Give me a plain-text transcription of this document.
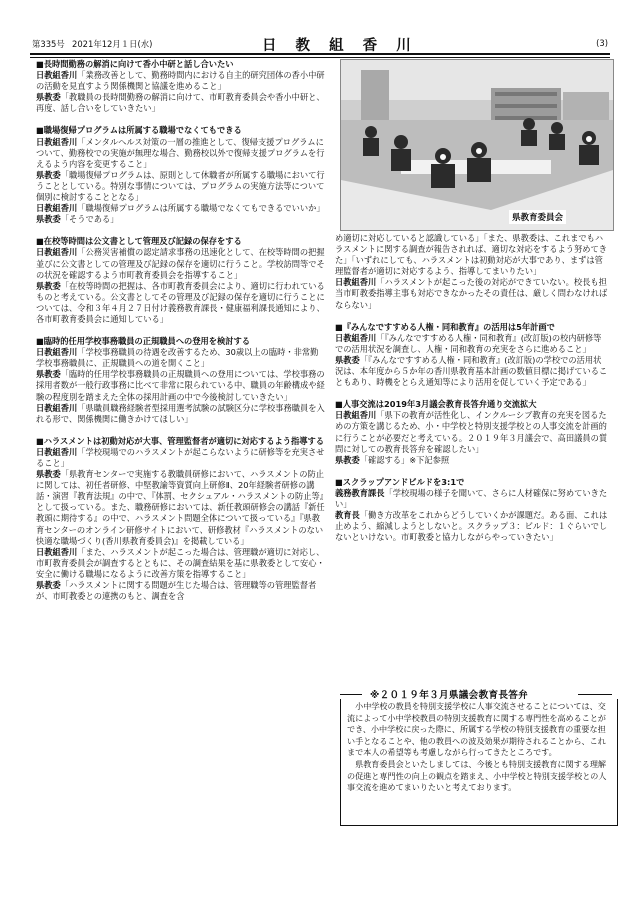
第335号 2021年12月１日(水)	日 教 組 香 川	(3)

■長時間勤務の解消に向けて香小中研と話し合いたい

日教組香川「業務改善として、勤務時間内における自主的研究団体の香小中研の活動を見直すよう関係機関と協議を進めること」

県教委「教職員の長時間勤務の解消に向けて、市町教育委員会や香小中研と、再度、話し合いをしていきたい」

■職場復帰プログラムは所属する職場でなくてもできる

日教組香川「メンタルヘルス対策の一層の推進として、復帰支援プログラムについて、勤務校での実施が無理な場合、勤務校以外で復帰支援プログラムを行えるよう内容を変更すること」

県教委「職場復帰プログラムは、原則として休職者が所属する職場において行うこととしている。特別な事情については、プログラムの実施方法等について個別に検討することとなる」

日教組香川「職場復帰プログラムは所属する職場でなくてもできるでいいか」

県教委「そうである」

■在校等時間は公文書として管理及び記録の保存をする

日教組香川「公務災害補償の認定請求事務の迅速化として、在校等時間の把握並びに公文書としての管理及び記録の保存を適切に行うこと。学校訪問等でその状況を確認するよう市町教育委員会を指導すること」

県教委「在校等時間の把握は、各市町教育委員会により、適切に行われているものと考えている。公文書としてその管理及び記録の保存を適切に行うことについては、令和３年４月２７日付け義務教育課長・健康福利課長通知により、各市町教育委員会に通知している」

■臨時的任用学校事務職員の正規職員への登用を検討する

日教組香川「学校事務職員の待遇を改善するため、30歳以上の臨時・非常勤学校事務職員に、正規職員への道を開くこと」

県教委「臨時的任用学校事務職員の正規職員への登用については、学校事務の採用者数が一般行政事務に比べて非常に限られている中、職員の年齢構成や経験の程度別を踏まえた全体の採用計画の中で今後検討していきたい」

日教組香川「県職員職務経験者型採用選考試験の試験区分に学校事務職員を入れる形で、関係機関に働きかけてほしい」

■ハラスメントは初動対応が大事、管理監督者が適切に対応するよう指導する

日教組香川「学校現場でのハラスメントが起こらないように研修等を充実させること」

県教委「県教育センターで実施する教職員研修において、ハラスメントの防止に関しては、初任者研修、中堅教諭等資質向上研修Ⅱ、20年経験者研修の講話・演習『教育法規』の中で、『体罰、セクシュアル・ハラスメントの防止等』として扱っている。また、職務研修においては、新任教頭研修会の講話『新任教頭に期待する』の中で、ハラスメント問題全体について扱っている』『県教育センターのオンライン研修サイトにおいて、研修教材『ハラスメントのない快適な職場づくり(香川県教育委員会)』を掲載している」

日教組香川「また、ハラスメントが起こった場合は、管理職が適切に対応し、市町教育委員会が調査するとともに、その調査結果を基に県教委として安心・安全に働ける職場になるように改善方策を指導すること」

県教委「ハラスメントに関する問題が生じた場合は、管理職等の管理監督者が、市町教委との連携のもと、調査を含

県教育委員会

め適切に対応していると認識している」「また、県教委は、これまでもハラスメントに関する調査が報告されれば、適切な対応をするよう努めてきた」「いずれにしても、ハラスメントは初動対応が大事であり、まずは管理監督者が適切に対応するよう、指導してまいりたい」

日教組香川「ハラスメントが起こった後の対応ができていない。校長も担当市町教委指導主事も対応できなかったその責任は、厳しく問わなければならない」

■『みんなですすめる人権・同和教育』の活用は5年計画で

日教組香川「『みんなですすめる人権・同和教育』(改訂版)の校内研修等での活用状況を調査し、人権・同和教育の充実をさらに進めること」

県教委「『みんなですすめる人権・同和教育』(改訂版)の学校での活用状況は、本年度から５か年の香川県教育基本計画の数値目標に掲げていることもあり、時機をとらえ通知等により活用を促していく予定である」

■人事交流は2019年3月議会教育長答弁通り交流拡大

日教組香川「県下の教育が活性化し、インクルーシブ教育の充実を図るための方策を講じるため、小・中学校と特別支援学校との人事交流を計画的に行うことが必要だと考えている。２０１９年３月議会で、高田議員の質問に対しての教育長答弁を確認したい」

県教委「確認する」※下記参照

■スクラップアンドビルドを3:1で

義務教育課長「学校現場の様子を聞いて、さらに人材確保に努めていきたい」

教育長「働き方改革をこれからどうしていくかが課題だ。ある面、これは止めよう、縮減しようとしないと。スクラップ３：ビルド：１ぐらいでしないといけない。市町教委と協力しながらやっていきたい」

※２０１９年３月県議会教育長答弁

小中学校の教員を特別支援学校に人事交流させることについては、交流によって小中学校教員の特別支援教育に関する専門性を高めることができ、小中学校に戻った際に、所属する学校の特別支援教育の重要な担い手となることや、他の教員への波及効果が期待されることから、これまで本人の希望等も考慮しながら行ってきたところです。

県教育委員会といたしましては、今後とも特別支援教育に関する理解の促進と専門性の向上の観点を踏まえ、小中学校と特別支援学校との人事交流を進めてまいりたいと考えております。
